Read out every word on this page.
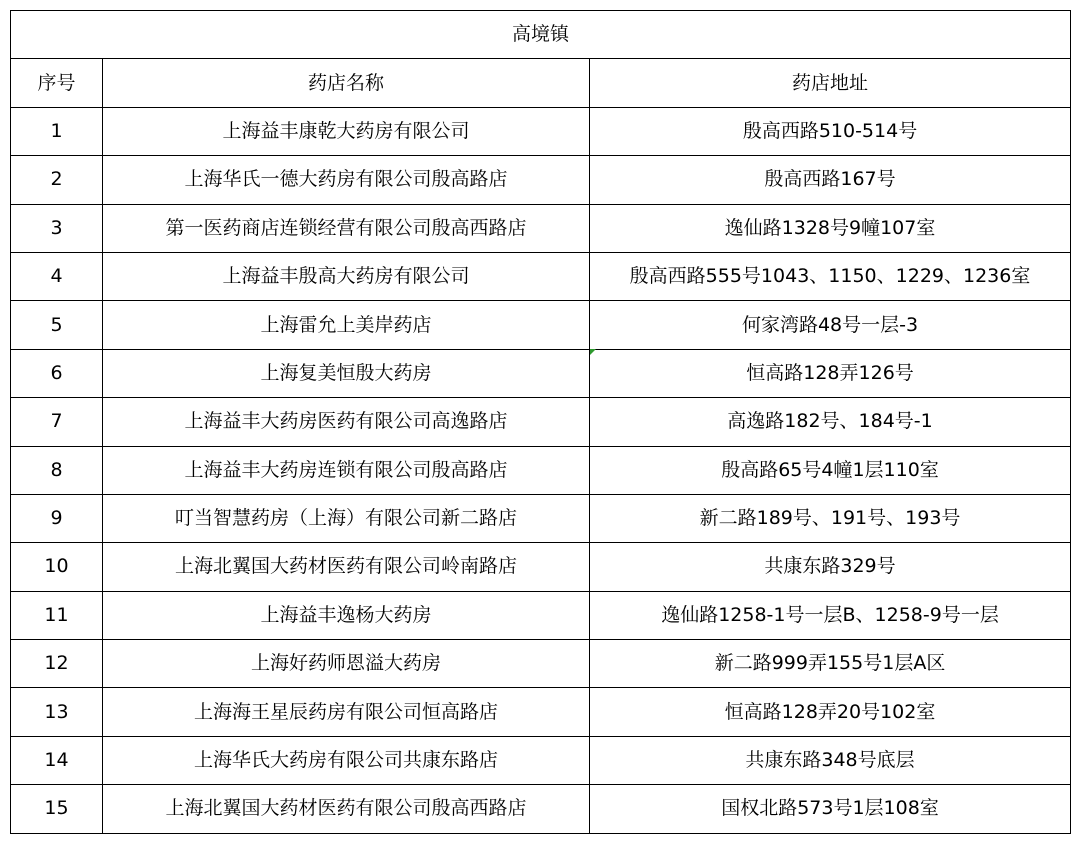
高境镇		
序号	药店名称	药店地址
1	上海益丰康乾大药房有限公司	殷高西路510-514号
2	上海华氏一德大药房有限公司殷高路店	殷高西路167号
3	第一医药商店连锁经营有限公司殷高西路店	逸仙路1328号9幢107室
4	上海益丰殷高大药房有限公司	殷高西路555号1043、1150、1229、1236室
5	上海雷允上美岸药店	何家湾路48号一层-3
6	上海复美恒殷大药房	恒高路128弄126号
7	上海益丰大药房医药有限公司高逸路店	高逸路182号、184号-1
8	上海益丰大药房连锁有限公司殷高路店	殷高路65号4幢1层110室
9	叮当智慧药房（上海）有限公司新二路店	新二路189号、191号、193号
10	上海北翼国大药材医药有限公司岭南路店	共康东路329号
11	上海益丰逸杨大药房	逸仙路1258-1号一层B、1258-9号一层
12	上海好药师恩溢大药房	新二路999弄155号1层A区
13	上海海王星辰药房有限公司恒高路店	恒高路128弄20号102室
14	上海华氏大药房有限公司共康东路店	共康东路348号底层
15	上海北翼国大药材医药有限公司殷高西路店	国权北路573号1层108室
